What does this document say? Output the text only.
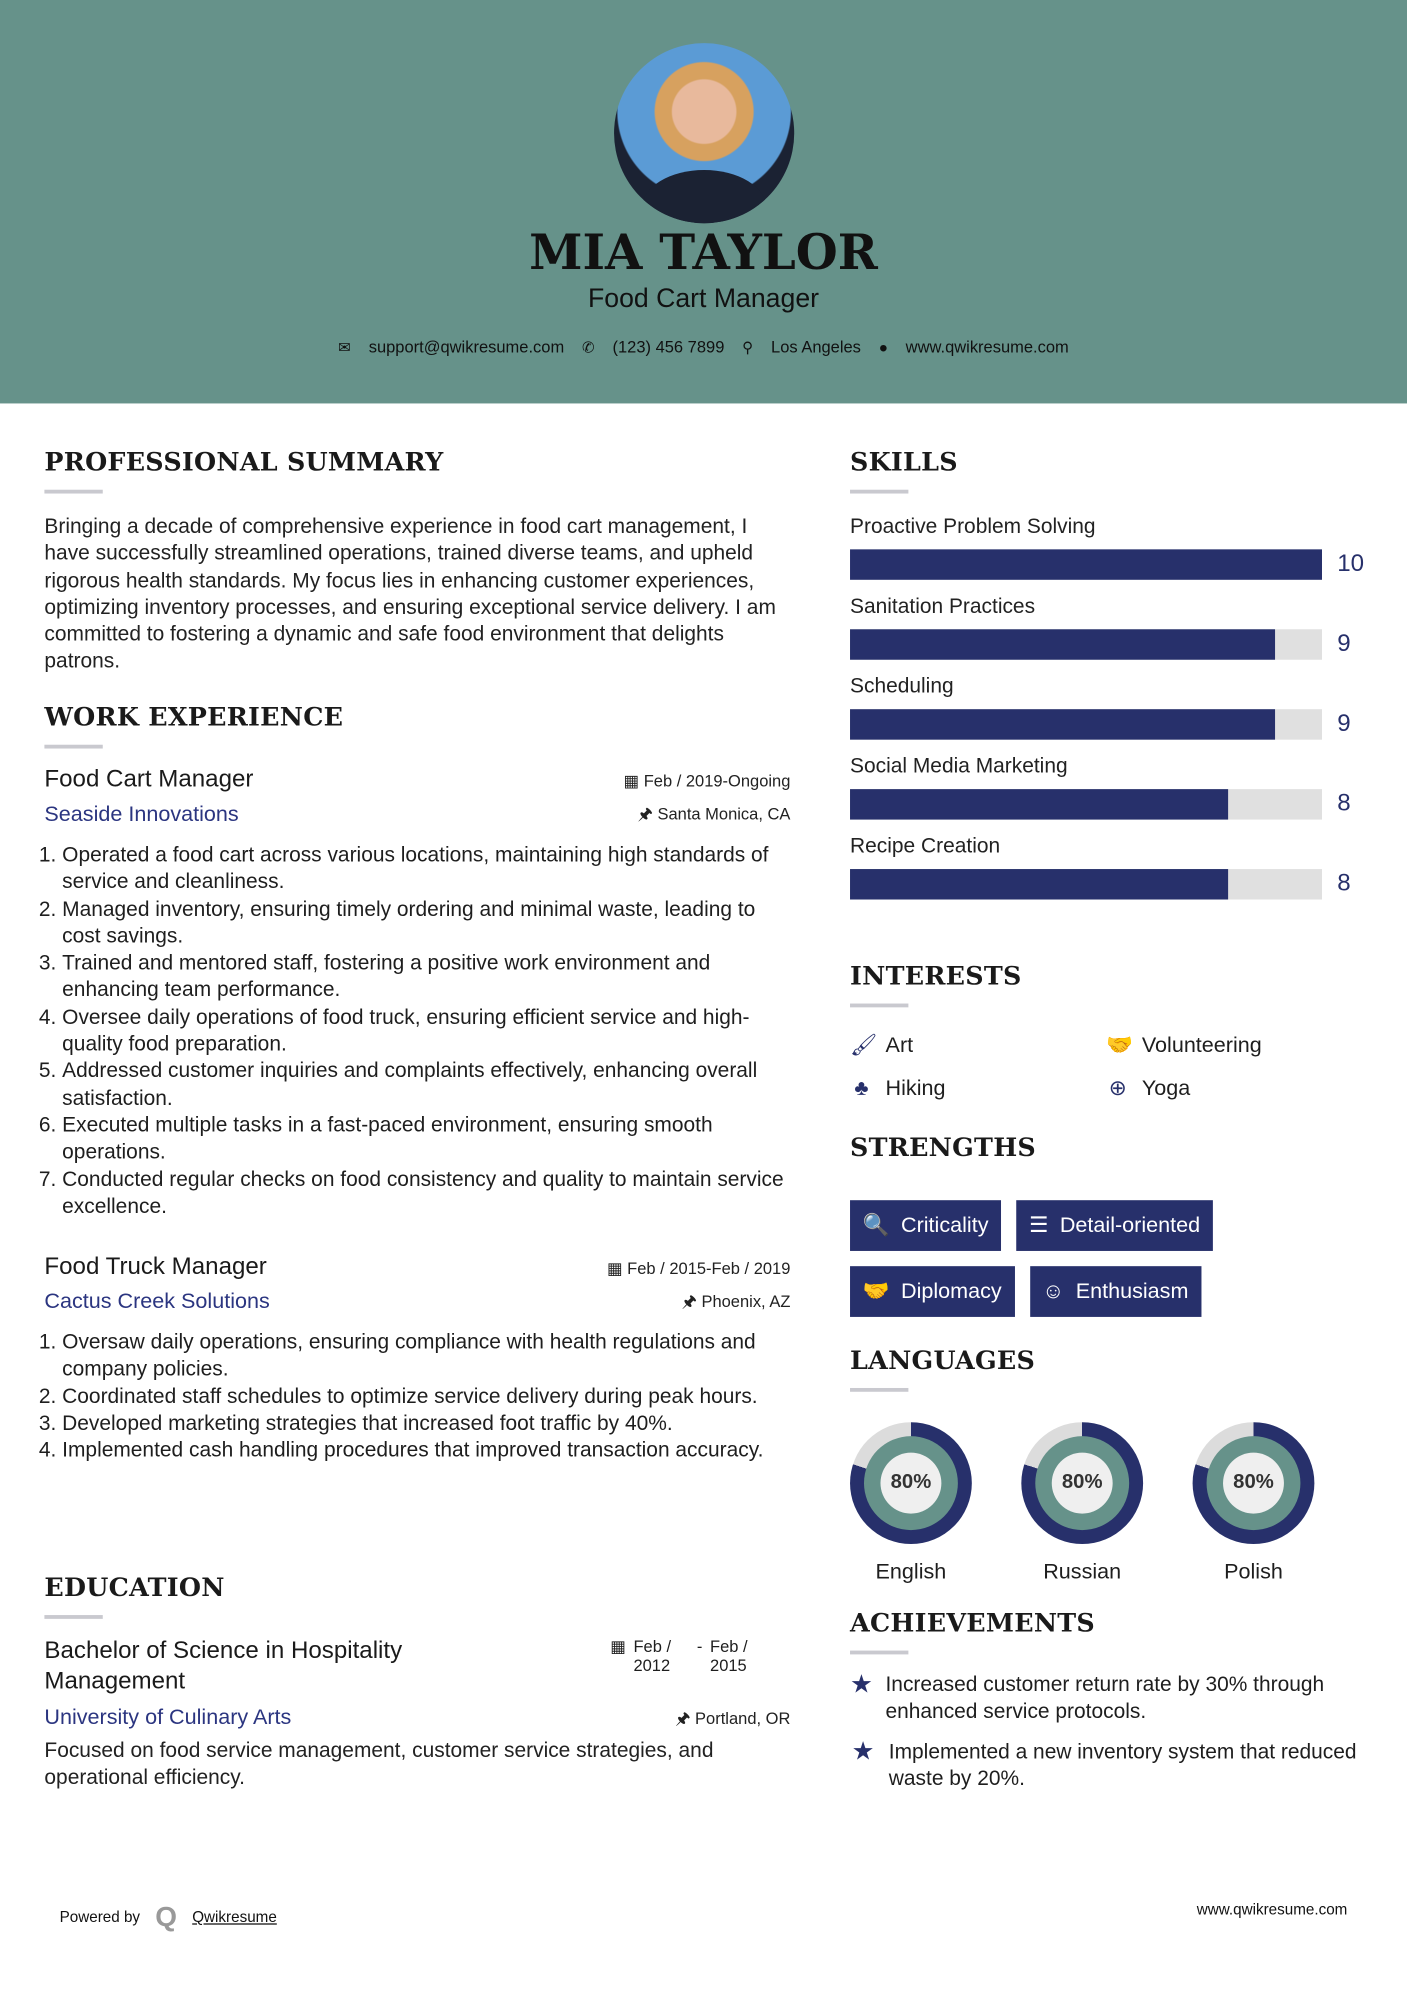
MIA TAYLOR
Food Cart Manager
✉ support@qwikresume.com ✆ (123) 456 7899 ⚲ Los Angeles ● www.qwikresume.com
PROFESSIONAL SUMMARY
Bringing a decade of comprehensive experience in food cart management, I have successfully streamlined operations, trained diverse teams, and upheld rigorous health standards. My focus lies in enhancing customer experiences, optimizing inventory processes, and ensuring exceptional service delivery. I am committed to fostering a dynamic and safe food environment that delights patrons.
WORK EXPERIENCE
Food Cart Manager	▦ Feb / 2019-Ongoing
Seaside Innovations	🖈 Santa Monica, CA
1. Operated a food cart across various locations, maintaining high standards of service and cleanliness.
2. Managed inventory, ensuring timely ordering and minimal waste, leading to cost savings.
3. Trained and mentored staff, fostering a positive work environment and enhancing team performance.
4. Oversee daily operations of food truck, ensuring efficient service and high-quality food preparation.
5. Addressed customer inquiries and complaints effectively, enhancing overall satisfaction.
6. Executed multiple tasks in a fast-paced environment, ensuring smooth operations.
7. Conducted regular checks on food consistency and quality to maintain service excellence.
Food Truck Manager	▦ Feb / 2015-Feb / 2019
Cactus Creek Solutions	🖈 Phoenix, AZ
1. Oversaw daily operations, ensuring compliance with health regulations and company policies.
2. Coordinated staff schedules to optimize service delivery during peak hours.
3. Developed marketing strategies that increased foot traffic by 40%.
4. Implemented cash handling procedures that improved transaction accuracy.
EDUCATION
Bachelor of Science in Hospitality Management
▦ Feb / 2012
- Feb / 2015
University of Culinary Arts	🖈 Portland, OR
Focused on food service management, customer service strategies, and operational efficiency.
SKILLS
Proactive Problem Solving
10
Sanitation Practices
9
Scheduling
9
Social Media Marketing
8
Recipe Creation
8
INTERESTS
🖌 Art	🤝 Volunteering
♣ Hiking	⊕ Yoga
STRENGTHS
🔍 Criticality ☰ Detail-oriented
🤝 Diplomacy ☺ Enthusiasm
LANGUAGES
80%
English
80%
Russian
80%
Polish
ACHIEVEMENTS
★ Increased customer return rate by 30% through enhanced service protocols.
★ Implemented a new inventory system that reduced waste by 20%.
Powered by Q Qwikresume	www.qwikresume.com
